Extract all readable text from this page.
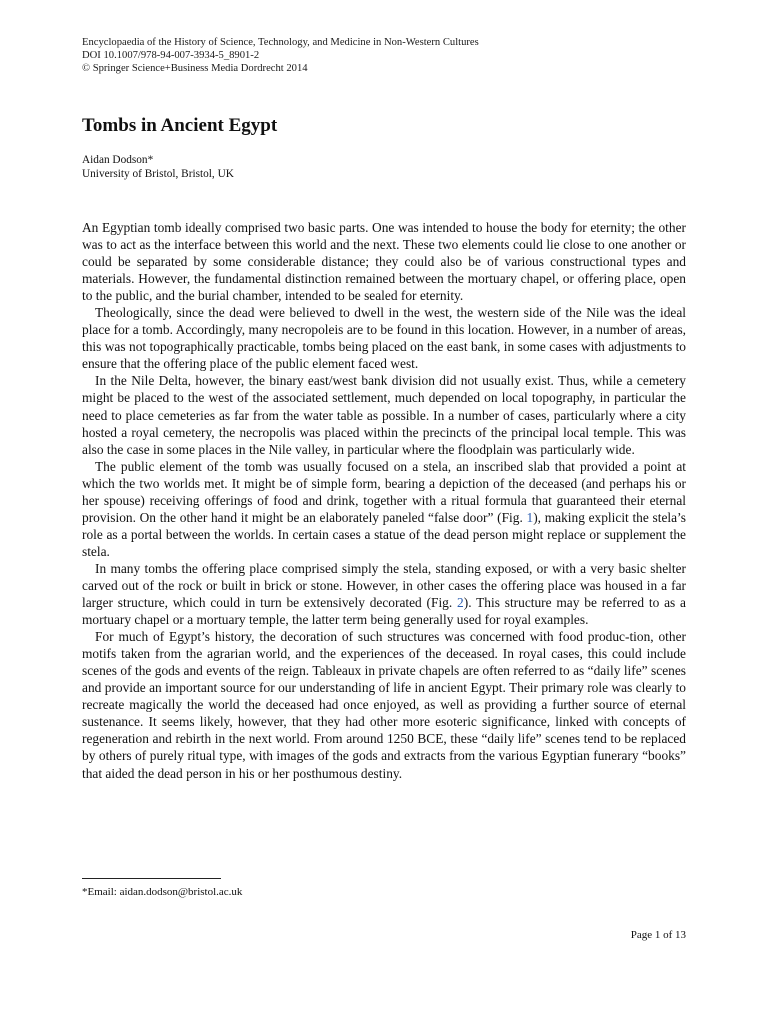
Encyclopaedia of the History of Science, Technology, and Medicine in Non-Western Cultures
DOI 10.1007/978-94-007-3934-5_8901-2
© Springer Science+Business Media Dordrecht 2014
Tombs in Ancient Egypt
Aidan Dodson*
University of Bristol, Bristol, UK

An Egyptian tomb ideally comprised two basic parts. One was intended to house the body for eternity; the other was to act as the interface between this world and the next. These two elements could lie close to one another or could be separated by some considerable distance; they could also be of various constructional types and materials. However, the fundamental distinction remained between the mortuary chapel, or offering place, open to the public, and the burial chamber, intended to be sealed for eternity.

Theologically, since the dead were believed to dwell in the west, the western side of the Nile was the ideal place for a tomb. Accordingly, many necropoleis are to be found in this location. However, in a number of areas, this was not topographically practicable, tombs being placed on the east bank, in some cases with adjustments to ensure that the offering place of the public element faced west.

In the Nile Delta, however, the binary east/west bank division did not usually exist. Thus, while a cemetery might be placed to the west of the associated settlement, much depended on local topography, in particular the need to place cemeteries as far from the water table as possible. In a number of cases, particularly where a city hosted a royal cemetery, the necropolis was placed within the precincts of the principal local temple. This was also the case in some places in the Nile valley, in particular where the floodplain was particularly wide.

The public element of the tomb was usually focused on a stela, an inscribed slab that provided a point at which the two worlds met. It might be of simple form, bearing a depiction of the deceased (and perhaps his or her spouse) receiving offerings of food and drink, together with a ritual formula that guaranteed their eternal provision. On the other hand it might be an elaborately paneled “false door” (Fig. 1), making explicit the stela’s role as a portal between the worlds. In certain cases a statue of the dead person might replace or supplement the stela.

In many tombs the offering place comprised simply the stela, standing exposed, or with a very basic shelter carved out of the rock or built in brick or stone. However, in other cases the offering place was housed in a far larger structure, which could in turn be extensively decorated (Fig. 2). This structure may be referred to as a mortuary chapel or a mortuary temple, the latter term being generally used for royal examples.

For much of Egypt’s history, the decoration of such structures was concerned with food produc-tion, other motifs taken from the agrarian world, and the experiences of the deceased. In royal cases, this could include scenes of the gods and events of the reign. Tableaux in private chapels are often referred to as “daily life” scenes and provide an important source for our understanding of life in ancient Egypt. Their primary role was clearly to recreate magically the world the deceased had once enjoyed, as well as providing a further source of eternal sustenance. It seems likely, however, that they had other more esoteric significance, linked with concepts of regeneration and rebirth in the next world. From around 1250 BCE, these “daily life” scenes tend to be replaced by others of purely ritual type, with images of the gods and extracts from the various Egyptian funerary “books” that aided the dead person in his or her posthumous destiny.

*Email: aidan.dodson@bristol.ac.uk
Page 1 of 13
